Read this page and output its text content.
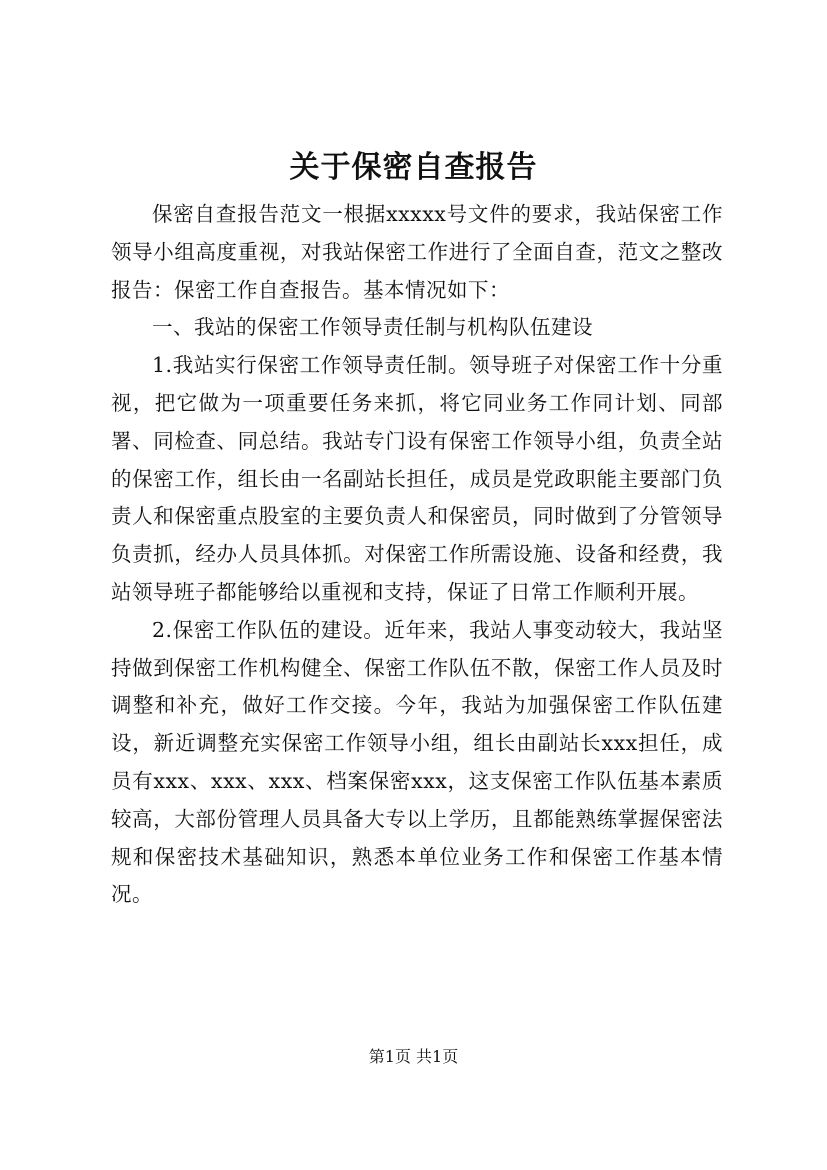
关于保密自查报告

保密自查报告范文一根据xxxxx号文件的要求，我站保密工作领导小组高度重视，对我站保密工作进行了全面自查，范文之整改报告：保密工作自查报告。基本情况如下：

一、我站的保密工作领导责任制与机构队伍建设

1.我站实行保密工作领导责任制。领导班子对保密工作十分重视，把它做为一项重要任务来抓，将它同业务工作同计划、同部署、同检查、同总结。我站专门设有保密工作领导小组，负责全站的保密工作，组长由一名副站长担任，成员是党政职能主要部门负责人和保密重点股室的主要负责人和保密员，同时做到了分管领导负责抓，经办人员具体抓。对保密工作所需设施、设备和经费，我站领导班子都能够给以重视和支持，保证了日常工作顺利开展。

2.保密工作队伍的建设。近年来，我站人事变动较大，我站坚持做到保密工作机构健全、保密工作队伍不散，保密工作人员及时调整和补充，做好工作交接。今年，我站为加强保密工作队伍建设，新近调整充实保密工作领导小组，组长由副站长xxx担任，成员有xxx、xxx、xxx、档案保密xxx，这支保密工作队伍基本素质较高，大部份管理人员具备大专以上学历，且都能熟练掌握保密法规和保密技术基础知识，熟悉本单位业务工作和保密工作基本情况。

第1页 共1页
